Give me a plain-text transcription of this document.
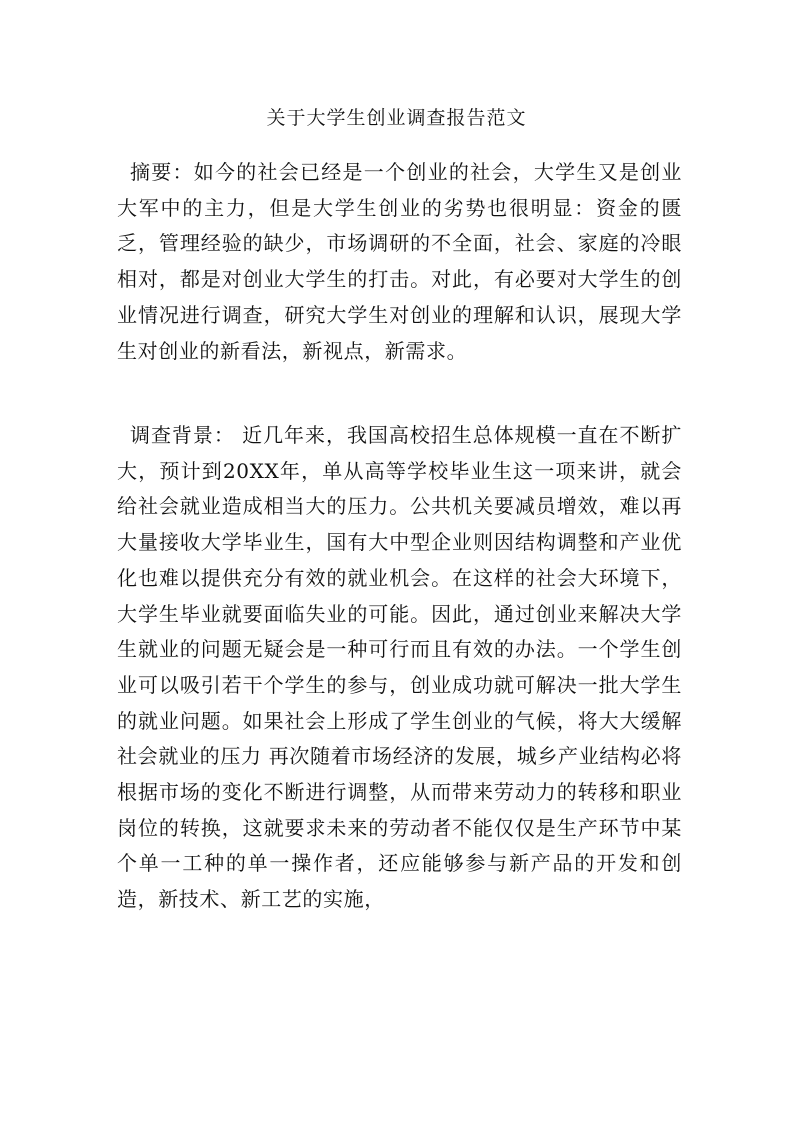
关于大学生创业调查报告范文

摘要：如今的社会已经是一个创业的社会，大学生又是创业大军中的主力，但是大学生创业的劣势也很明显：资金的匮乏，管理经验的缺少，市场调研的不全面，社会、家庭的冷眼相对，都是对创业大学生的打击。对此，有必要对大学生的创业情况进行调查，研究大学生对创业的理解和认识，展现大学生对创业的新看法，新视点，新需求。

调查背景： 近几年来，我国高校招生总体规模一直在不断扩大，预计到20XX年，单从高等学校毕业生这一项来讲，就会给社会就业造成相当大的压力。公共机关要减员增效，难以再大量接收大学毕业生，国有大中型企业则因结构调整和产业优化也难以提供充分有效的就业机会。在这样的社会大环境下，大学生毕业就要面临失业的可能。因此，通过创业来解决大学生就业的问题无疑会是一种可行而且有效的办法。一个学生创业可以吸引若干个学生的参与，创业成功就可解决一批大学生的就业问题。如果社会上形成了学生创业的气候，将大大缓解社会就业的压力 再次随着市场经济的发展，城乡产业结构必将根据市场的变化不断进行调整，从而带来劳动力的转移和职业岗位的转换，这就要求未来的劳动者不能仅仅是生产环节中某个单一工种的单一操作者，还应能够参与新产品的开发和创造，新技术、新工艺的实施，
